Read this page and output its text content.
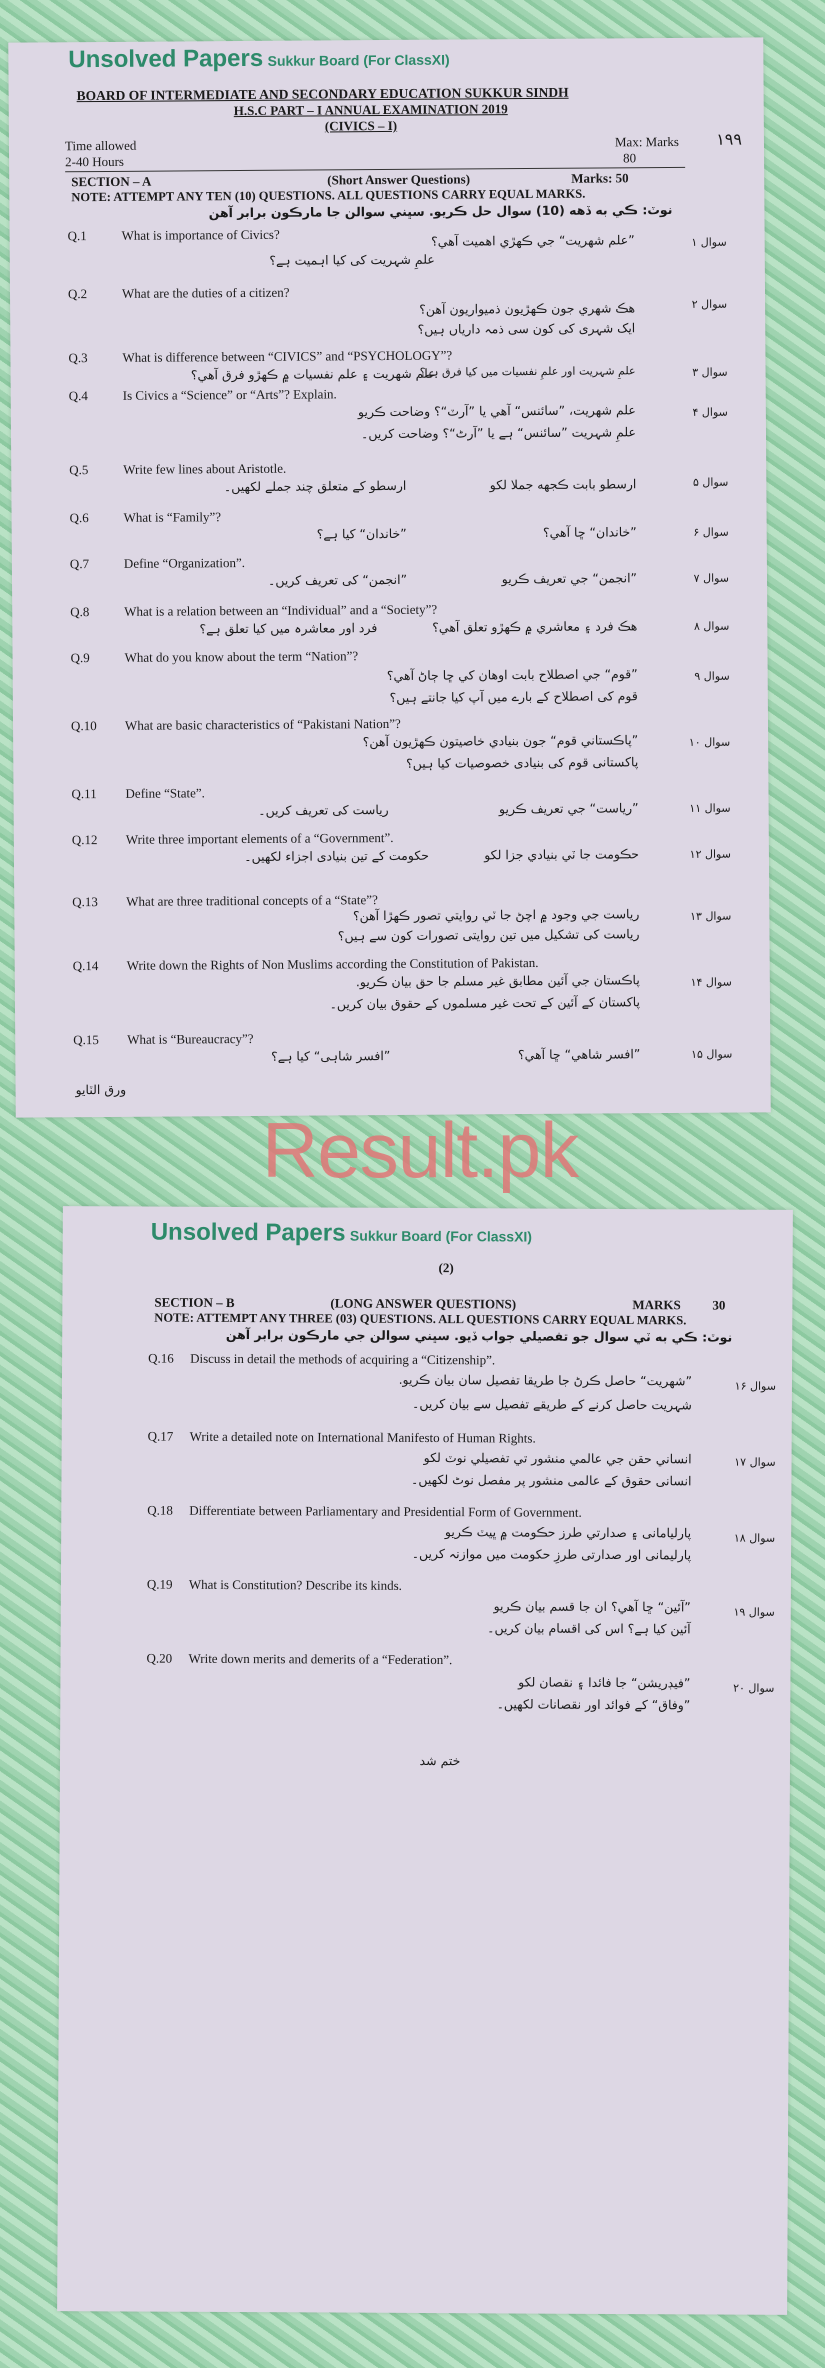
Unsolved Papers Sukkur Board (For ClassXI)
BOARD OF INTERMEDIATE AND SECONDARY EDUCATION SUKKUR SINDH
H.S.C PART – I ANNUAL EXAMINATION 2019
(CIVICS – I)
Time allowed
2-40 Hours
Max: Marks
80
SECTION – A	(Short Answer Questions)	Marks: 50
NOTE: ATTEMPT ANY TEN (10) QUESTIONS. ALL QUESTIONS CARRY EQUAL MARKS.
نوٽ: ڪي به ڏهه (10) سوال حل ڪريو. سڀني سوالن جا مارڪون برابر آهن
۱۹۹
Q.1	What is importance of Civics?	”علم شهريت“ جي ڪهڙي اهميت آهي؟
علمِ شہریت کی کیا اہمیت ہے؟
سوال ۱
Q.2	What are the duties of a citizen?
هڪ شهري جون ڪهڙيون ذميواريون آهن؟
ایک شہری کی کون سی ذمہ داریاں ہیں؟
سوال ۲
Q.3	What is difference between “CIVICS” and “PSYCHOLOGY”?
علم شهريت ۽ علم نفسيات ۾ ڪهڙو فرق آهي؟
علمِ شہریت اور علمِ نفسیات میں کیا فرق ہے؟	سوال ۳
Q.4	Is Civics a “Science” or “Arts”? Explain.
علم شهريت، ”سائنس“ آهي يا ”آرٽ“؟ وضاحت ڪريو
علمِ شہریت ”سائنس“ ہے یا ”آرٹ“؟ وضاحت کریں۔
سوال ۴
Q.5	Write few lines about Aristotle.
ارسطو بابت ڪجهه جملا لکو
ارسطو کے متعلق چند جملے لکھیں۔	سوال ۵
Q.6	What is “Family”?
”خاندان“ ڇا آهي؟
”خاندان“ کیا ہے؟	سوال ۶
Q.7	Define “Organization”.
”انجمن“ جي تعريف ڪريو
”انجمن“ کی تعریف کریں۔	سوال ۷
Q.8	What is a relation between an “Individual” and a “Society”?
هڪ فرد ۽ معاشري ۾ ڪهڙو تعلق آهي؟
فرد اور معاشرہ میں کیا تعلق ہے؟	سوال ۸
Q.9	What do you know about the term “Nation”?
”قوم“ جي اصطلاح بابت اوهان کي ڇا ڄاڻ آهي؟
قوم کی اصطلاح کے بارے میں آپ کیا جانتے ہیں؟
سوال ۹
Q.10 What are basic characteristics of “Pakistani Nation”?
”پاڪستاني قوم“ جون بنيادي خاصيتون ڪهڙيون آهن؟
پاکستانی قوم کی بنیادی خصوصیات کیا ہیں؟
سوال ۱۰
Q.11 Define “State”.
”رياست“ جي تعريف ڪريو
ریاست کی تعریف کریں۔	سوال ۱۱
Q.12 Write three important elements of a “Government”.
حڪومت جا ٽي بنيادي جزا لکو
حکومت کے تین بنیادی اجزاء لکھیں۔	سوال ۱۲
Q.13 What are three traditional concepts of a “State”?
رياست جي وجود ۾ اچڻ جا ٽي روايتي تصور ڪهڙا آهن؟
ریاست کی تشکیل میں تین روایتی تصورات کون سے ہیں؟
سوال ۱۳
Q.14 Write down the Rights of Non Muslims according the Constitution of Pakistan.
پاڪستان جي آئين مطابق غير مسلم جا حق بيان ڪريو.
پاکستان کے آئین کے تحت غیر مسلموں کے حقوق بیان کریں۔
سوال ۱۴
Q.15 What is “Bureaucracy”?
”افسر شاهي“ ڇا آهي؟
”افسر شاہی“ کیا ہے؟	سوال ۱۵
ورق الٽايو
Result.pk
Unsolved Papers Sukkur Board (For ClassXI)
(2)
SECTION – B	(LONG ANSWER QUESTIONS)	MARKS 30
NOTE: ATTEMPT ANY THREE (03) QUESTIONS. ALL QUESTIONS CARRY EQUAL MARKS.
نوٽ: ڪي به ٽي سوال جو تفصيلي جواب ڏيو. سڀني سوالن جي مارڪون برابر آهن
Q.16 Discuss in detail the methods of acquiring a “Citizenship”.
”شهريت“ حاصل ڪرڻ جا طريقا تفصيل سان بيان ڪريو.
شہریت حاصل کرنے کے طریقے تفصیل سے بیان کریں۔
سوال ۱۶
Q.17 Write a detailed note on International Manifesto of Human Rights.
انساني حقن جي عالمي منشور تي تفصيلي نوٽ لکو
انسانی حقوق کے عالمی منشور پر مفصل نوٹ لکھیں۔
سوال ۱۷
Q.18 Differentiate between Parliamentary and Presidential Form of Government.
پارليامانی ۽ صدارتي طرز حڪومت ۾ ڀيٽ ڪريو
پارلیمانی اور صدارتی طرزِ حکومت میں موازنہ کریں۔
سوال ۱۸
Q.19 What is Constitution? Describe its kinds.
”آئين“ ڇا آهي؟ ان جا قسم بيان ڪريو
آئین کیا ہے؟ اس کی اقسام بیان کریں۔
سوال ۱۹
Q.20 Write down merits and demerits of a “Federation”.
”فيڊريشن“ جا فائدا ۽ نقصان لکو
”وفاق“ کے فوائد اور نقصانات لکھیں۔
سوال ۲۰
ختم شد
